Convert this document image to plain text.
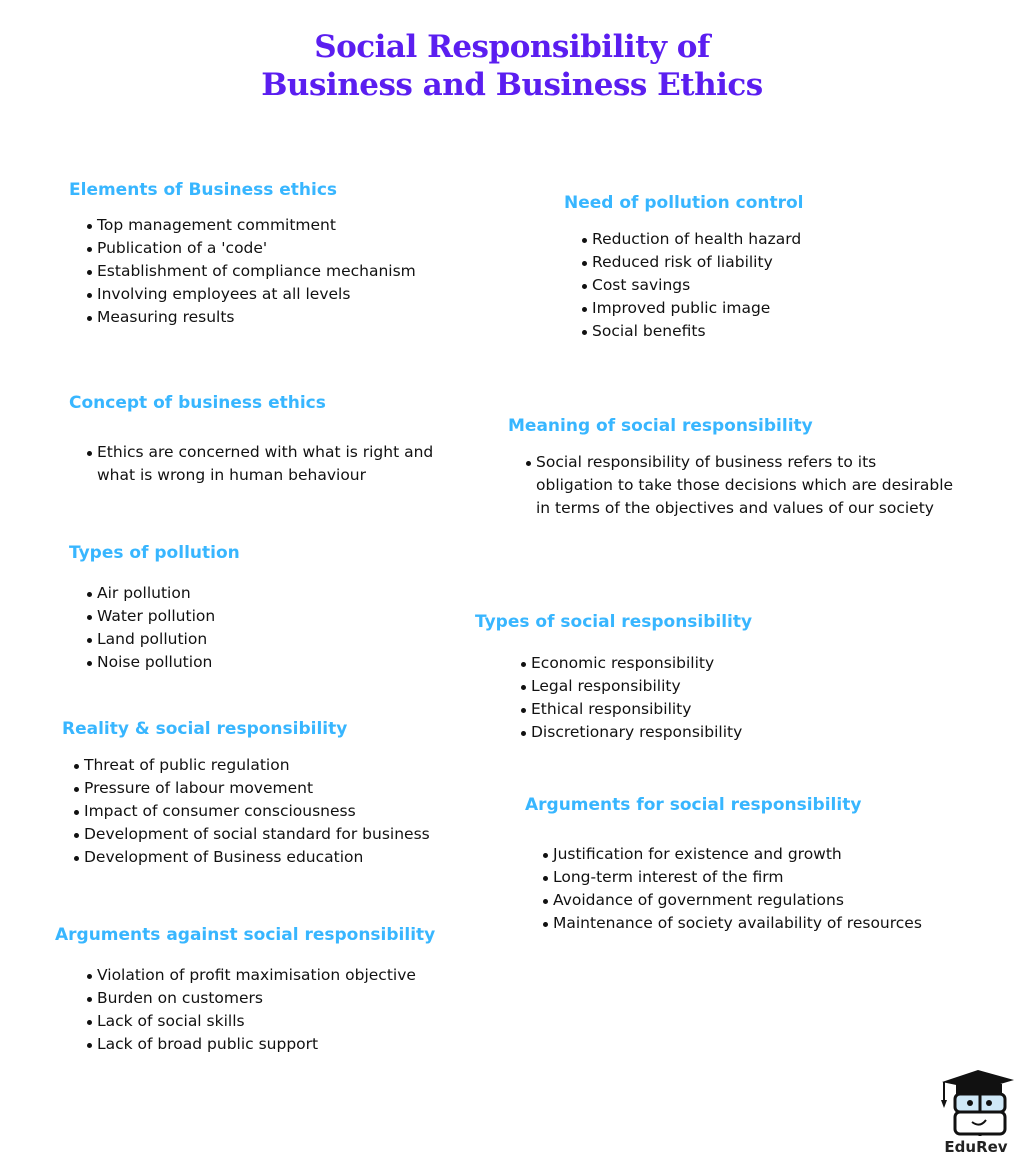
Social Responsibility of
Business and Business Ethics
Elements of Business ethics
Top management commitment
Publication of a 'code'
Establishment of compliance mechanism
Involving employees at all levels
Measuring results
Need of pollution control
Reduction of health hazard
Reduced risk of liability
Cost savings
Improved public image
Social benefits
Concept of business ethics
Ethics are concerned with what is right and what is wrong in human behaviour
Meaning of social responsibility
Social responsibility of business refers to its obligation to take those decisions which are desirable in terms of the objectives and values of our society
Types of pollution
Air pollution
Water pollution
Land pollution
Noise pollution
Types of social responsibility
Economic responsibility
Legal responsibility
Ethical responsibility
Discretionary responsibility
Reality & social responsibility
Threat of public regulation
Pressure of labour movement
Impact of consumer consciousness
Development of social standard for business
Development of Business education
Arguments for social responsibility
Justification for existence and growth
Long-term interest of the firm
Avoidance of government regulations
Maintenance of society availability of resources
Arguments against social responsibility
Violation of profit maximisation objective
Burden on customers
Lack of social skills
Lack of broad public support
EduRev
